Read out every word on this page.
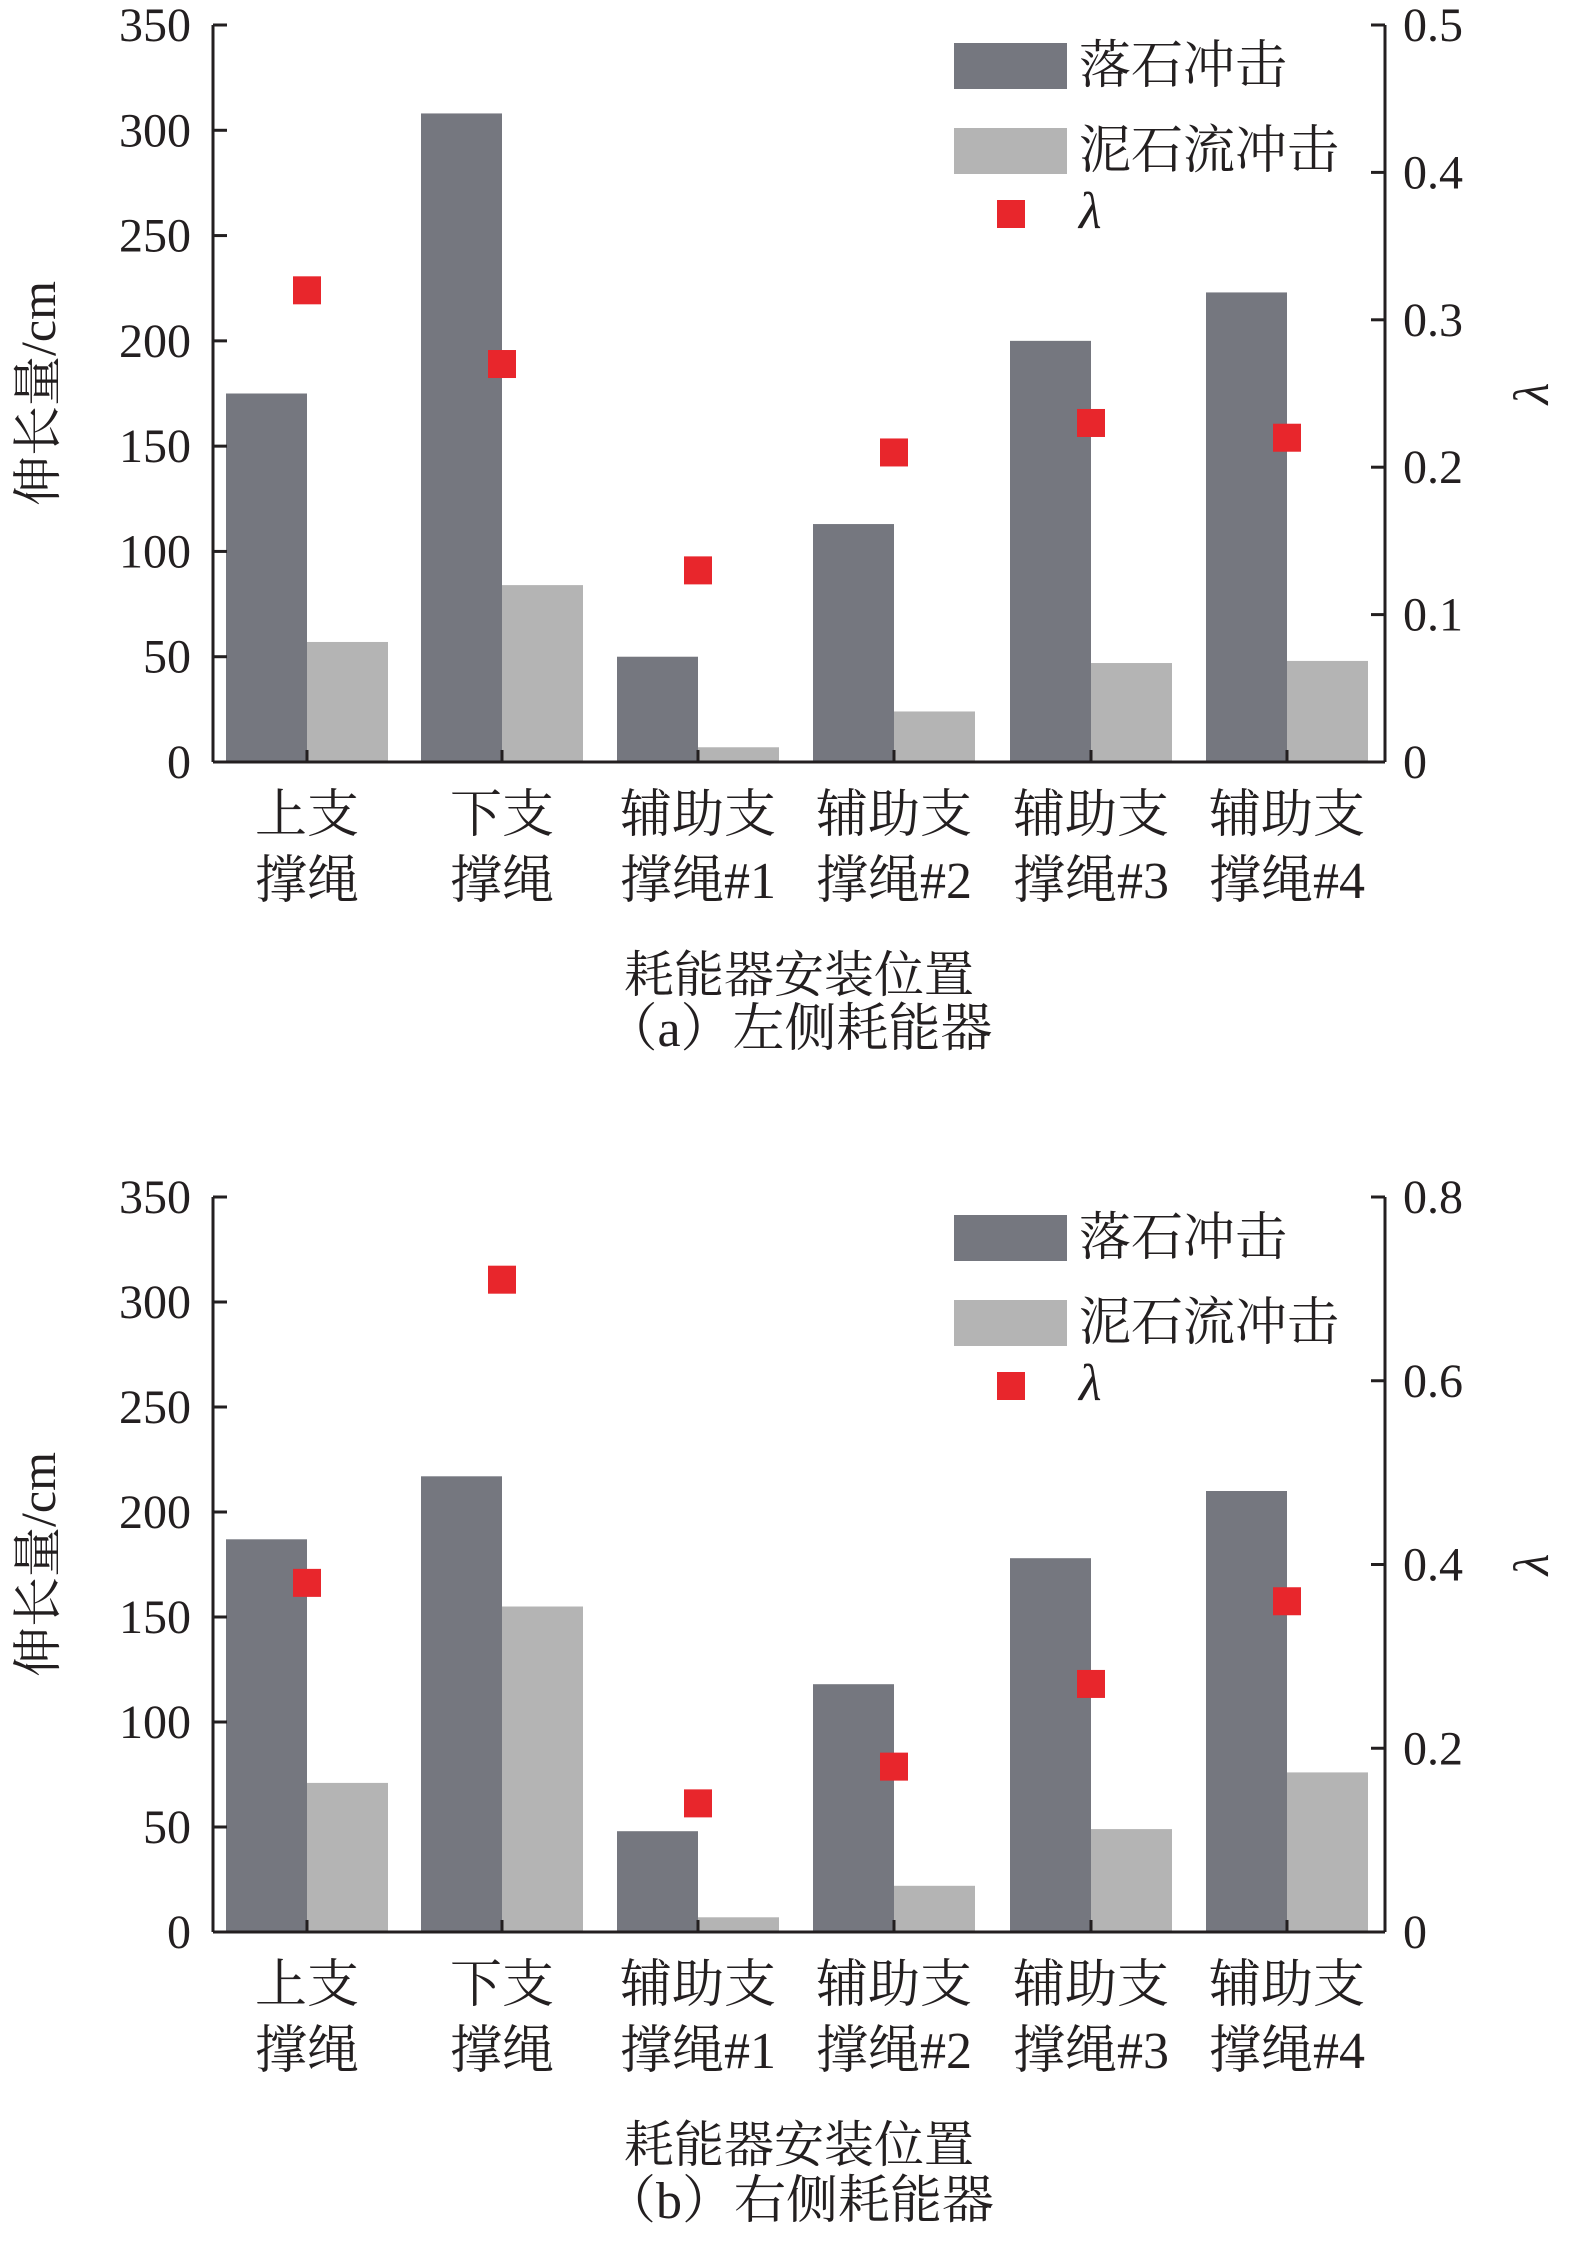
0
50
100
150
200
250
300
350
0
0.1
0.2
0.3
0.4
0.5
上支
撑绳
下支
撑绳
辅助支
撑绳#1
辅助支
撑绳#2
辅助支
撑绳#3
辅助支
撑绳#4
伸长量/cm	λ
耗能器安装位置
（a）左侧耗能器
落石冲击
泥石流冲击
λ
0
50
100
150
200
250
300
350
0
0.2
0.4
0.6
0.8
上支
撑绳
下支
撑绳
辅助支
撑绳#1
辅助支
撑绳#2
辅助支
撑绳#3
辅助支
撑绳#4
伸长量/cm	λ
耗能器安装位置
（b）右侧耗能器
落石冲击
泥石流冲击
λ
